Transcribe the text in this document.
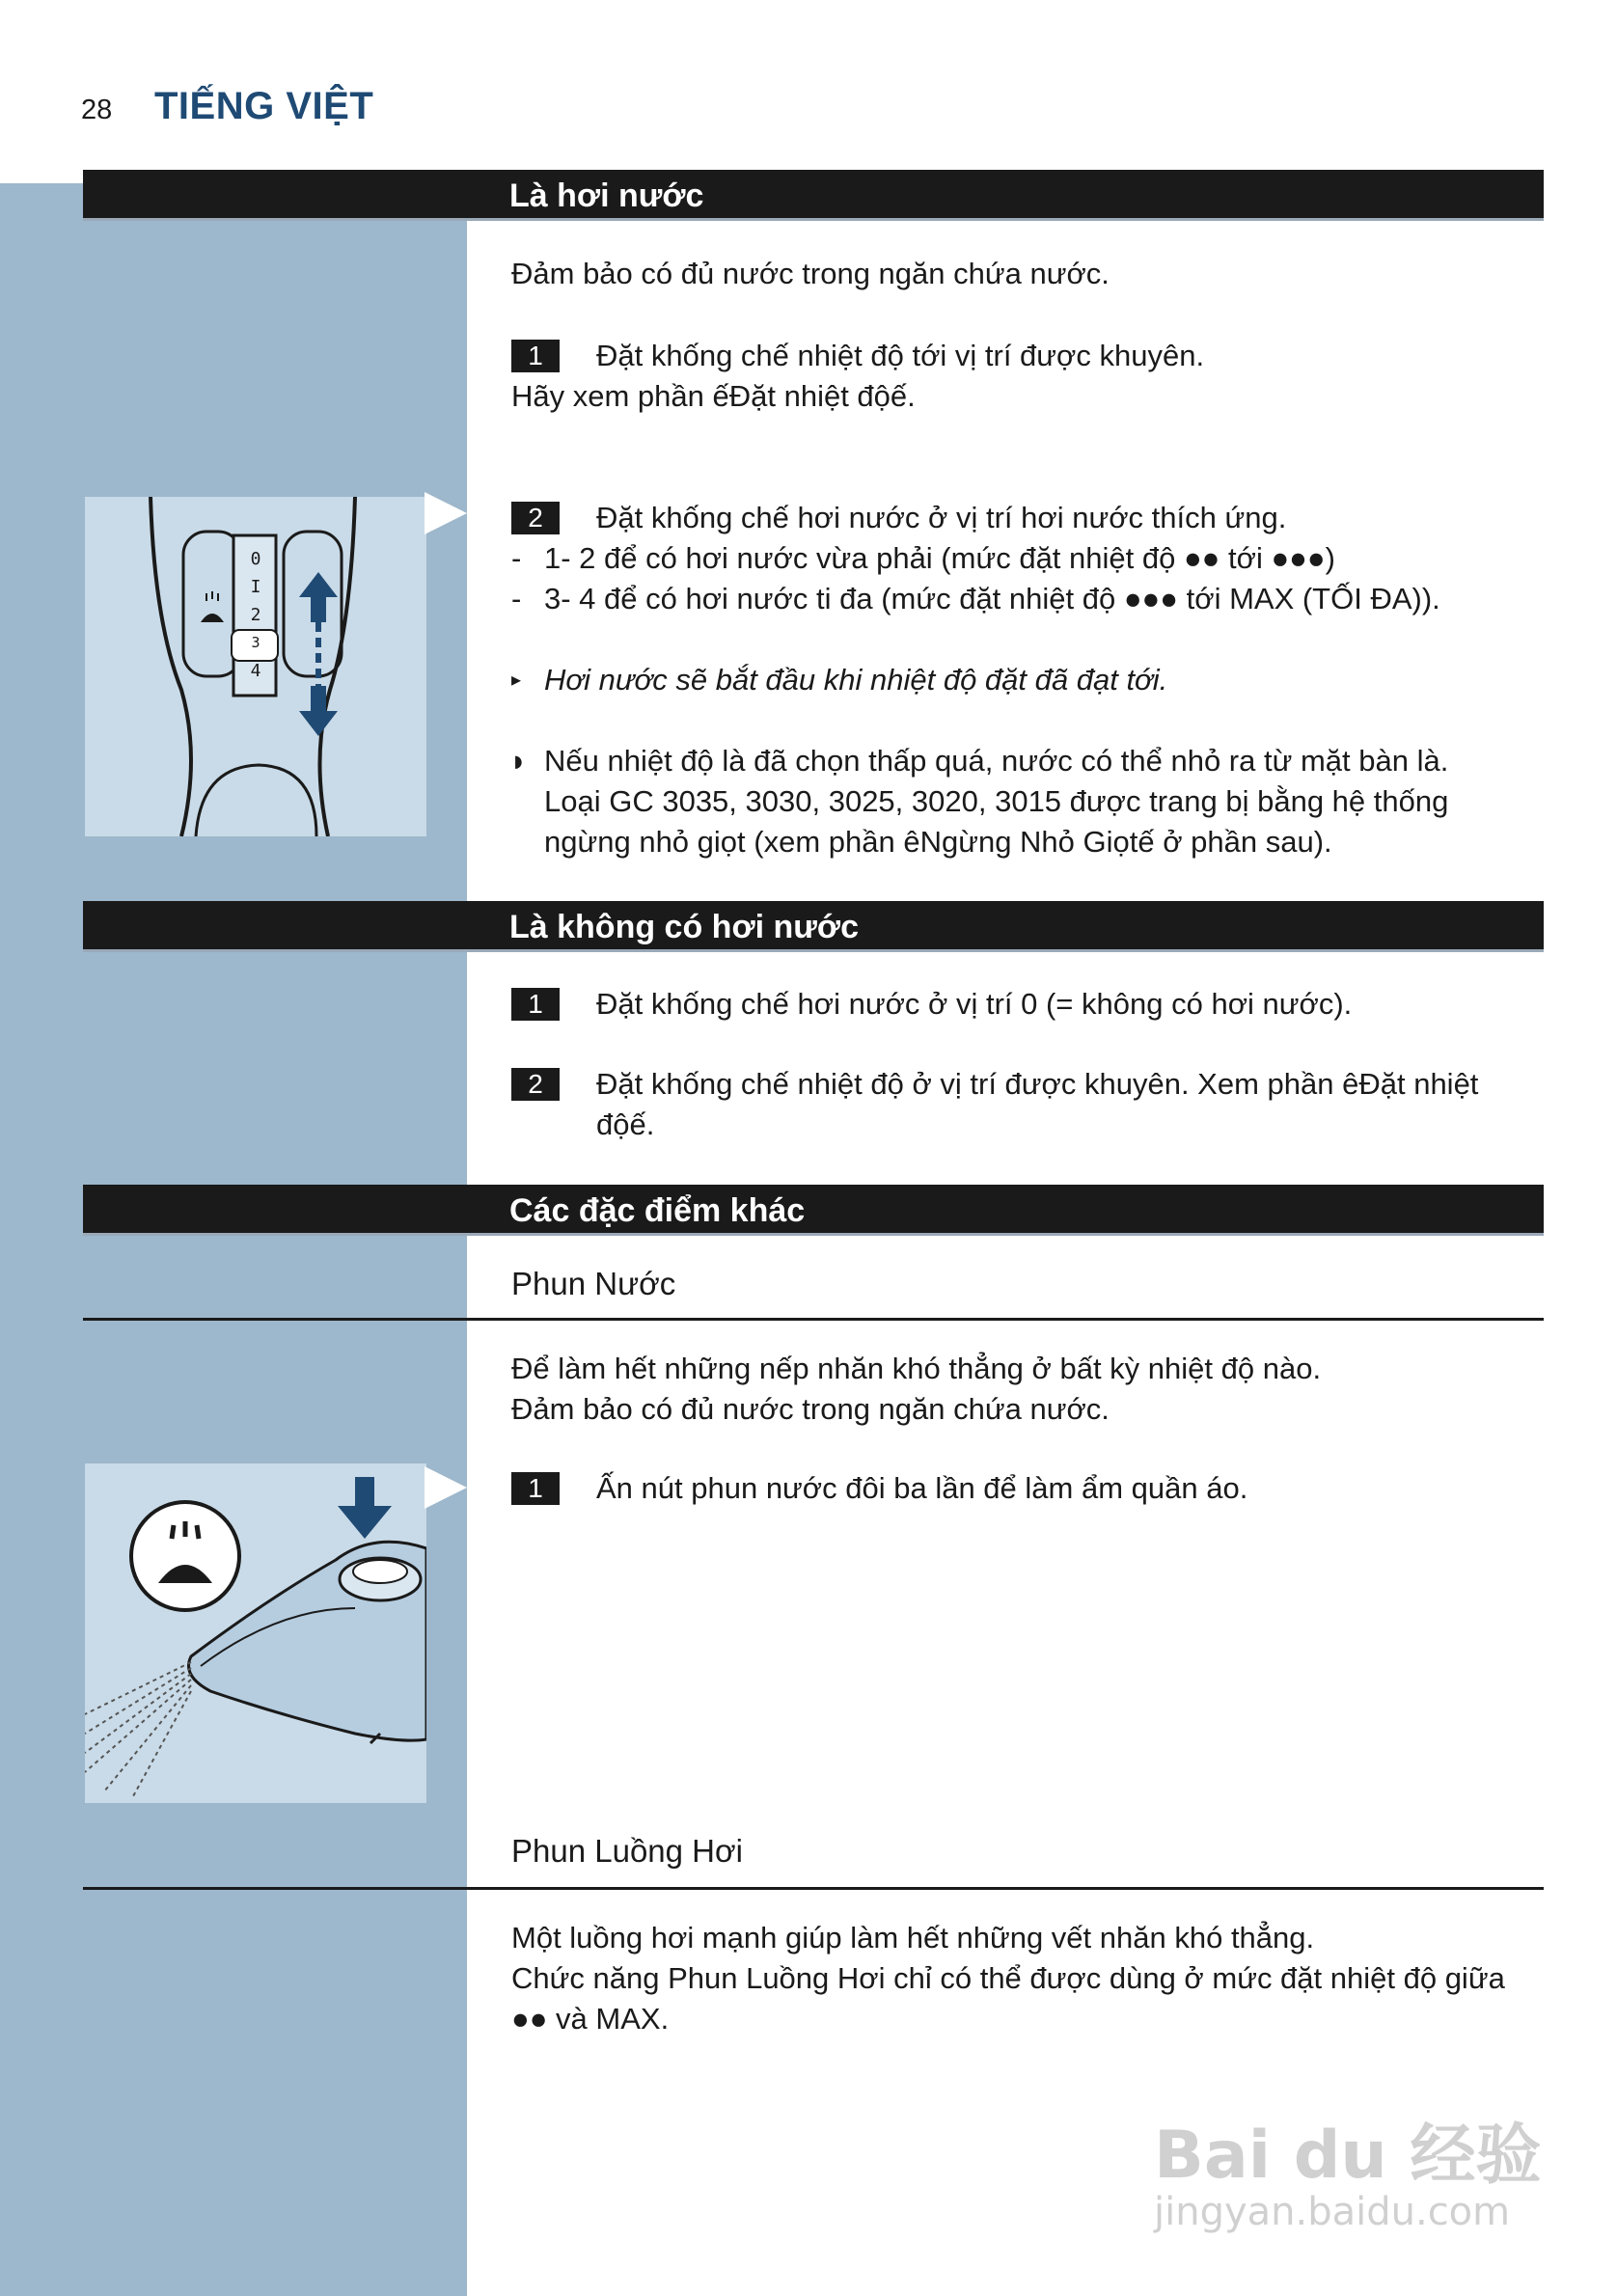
28 TIẾNG VIỆT
Là hơi nước
Đảm bảo có đủ nước trong ngăn chứa nước.
1	Đặt khống chế nhiệt độ tới vị trí được khuyên.
Hãy xem phần ếĐặt nhiệt độế.
0
I
2
3
4
2	Đặt khống chế hơi nước ở vị trí hơi nước thích ứng.
- 1- 2 để có hơi nước vừa phải (mức đặt nhiệt độ ●● tới ●●●)
- 3- 4 để có hơi nước ti đa (mức đặt nhiệt độ ●●● tới MAX (TỐI ĐA)).
▸ Hơi nước sẽ bắt đầu khi nhiệt độ đặt đã đạt tới.
◗ Nếu nhiệt độ là đã chọn thấp quá, nước có thể nhỏ ra từ mặt bàn là.
Loại GC 3035, 3030, 3025, 3020, 3015 được trang bị bằng hệ thống
ngừng nhỏ giọt (xem phần êNgừng Nhỏ Giọtế ở phần sau).
Là không có hơi nước
1	Đặt khống chế hơi nước ở vị trí 0 (= không có hơi nước).
2	Đặt khống chế nhiệt độ ở vị trí được khuyên. Xem phần êĐặt nhiệt
độế.
Các đặc điểm khác
Phun Nước
Để làm hết những nếp nhăn khó thẳng ở bất kỳ nhiệt độ nào.
Đảm bảo có đủ nước trong ngăn chứa nước.
1	Ấn nút phun nước đôi ba lần để làm ẩm quần áo.
Phun Luồng Hơi
Một luồng hơi mạnh giúp làm hết những vết nhăn khó thẳng.
Chức năng Phun Luồng Hơi chỉ có thể được dùng ở mức đặt nhiệt độ giữa
●● và MAX.
Bai du 经验
jingyan.baidu.com
